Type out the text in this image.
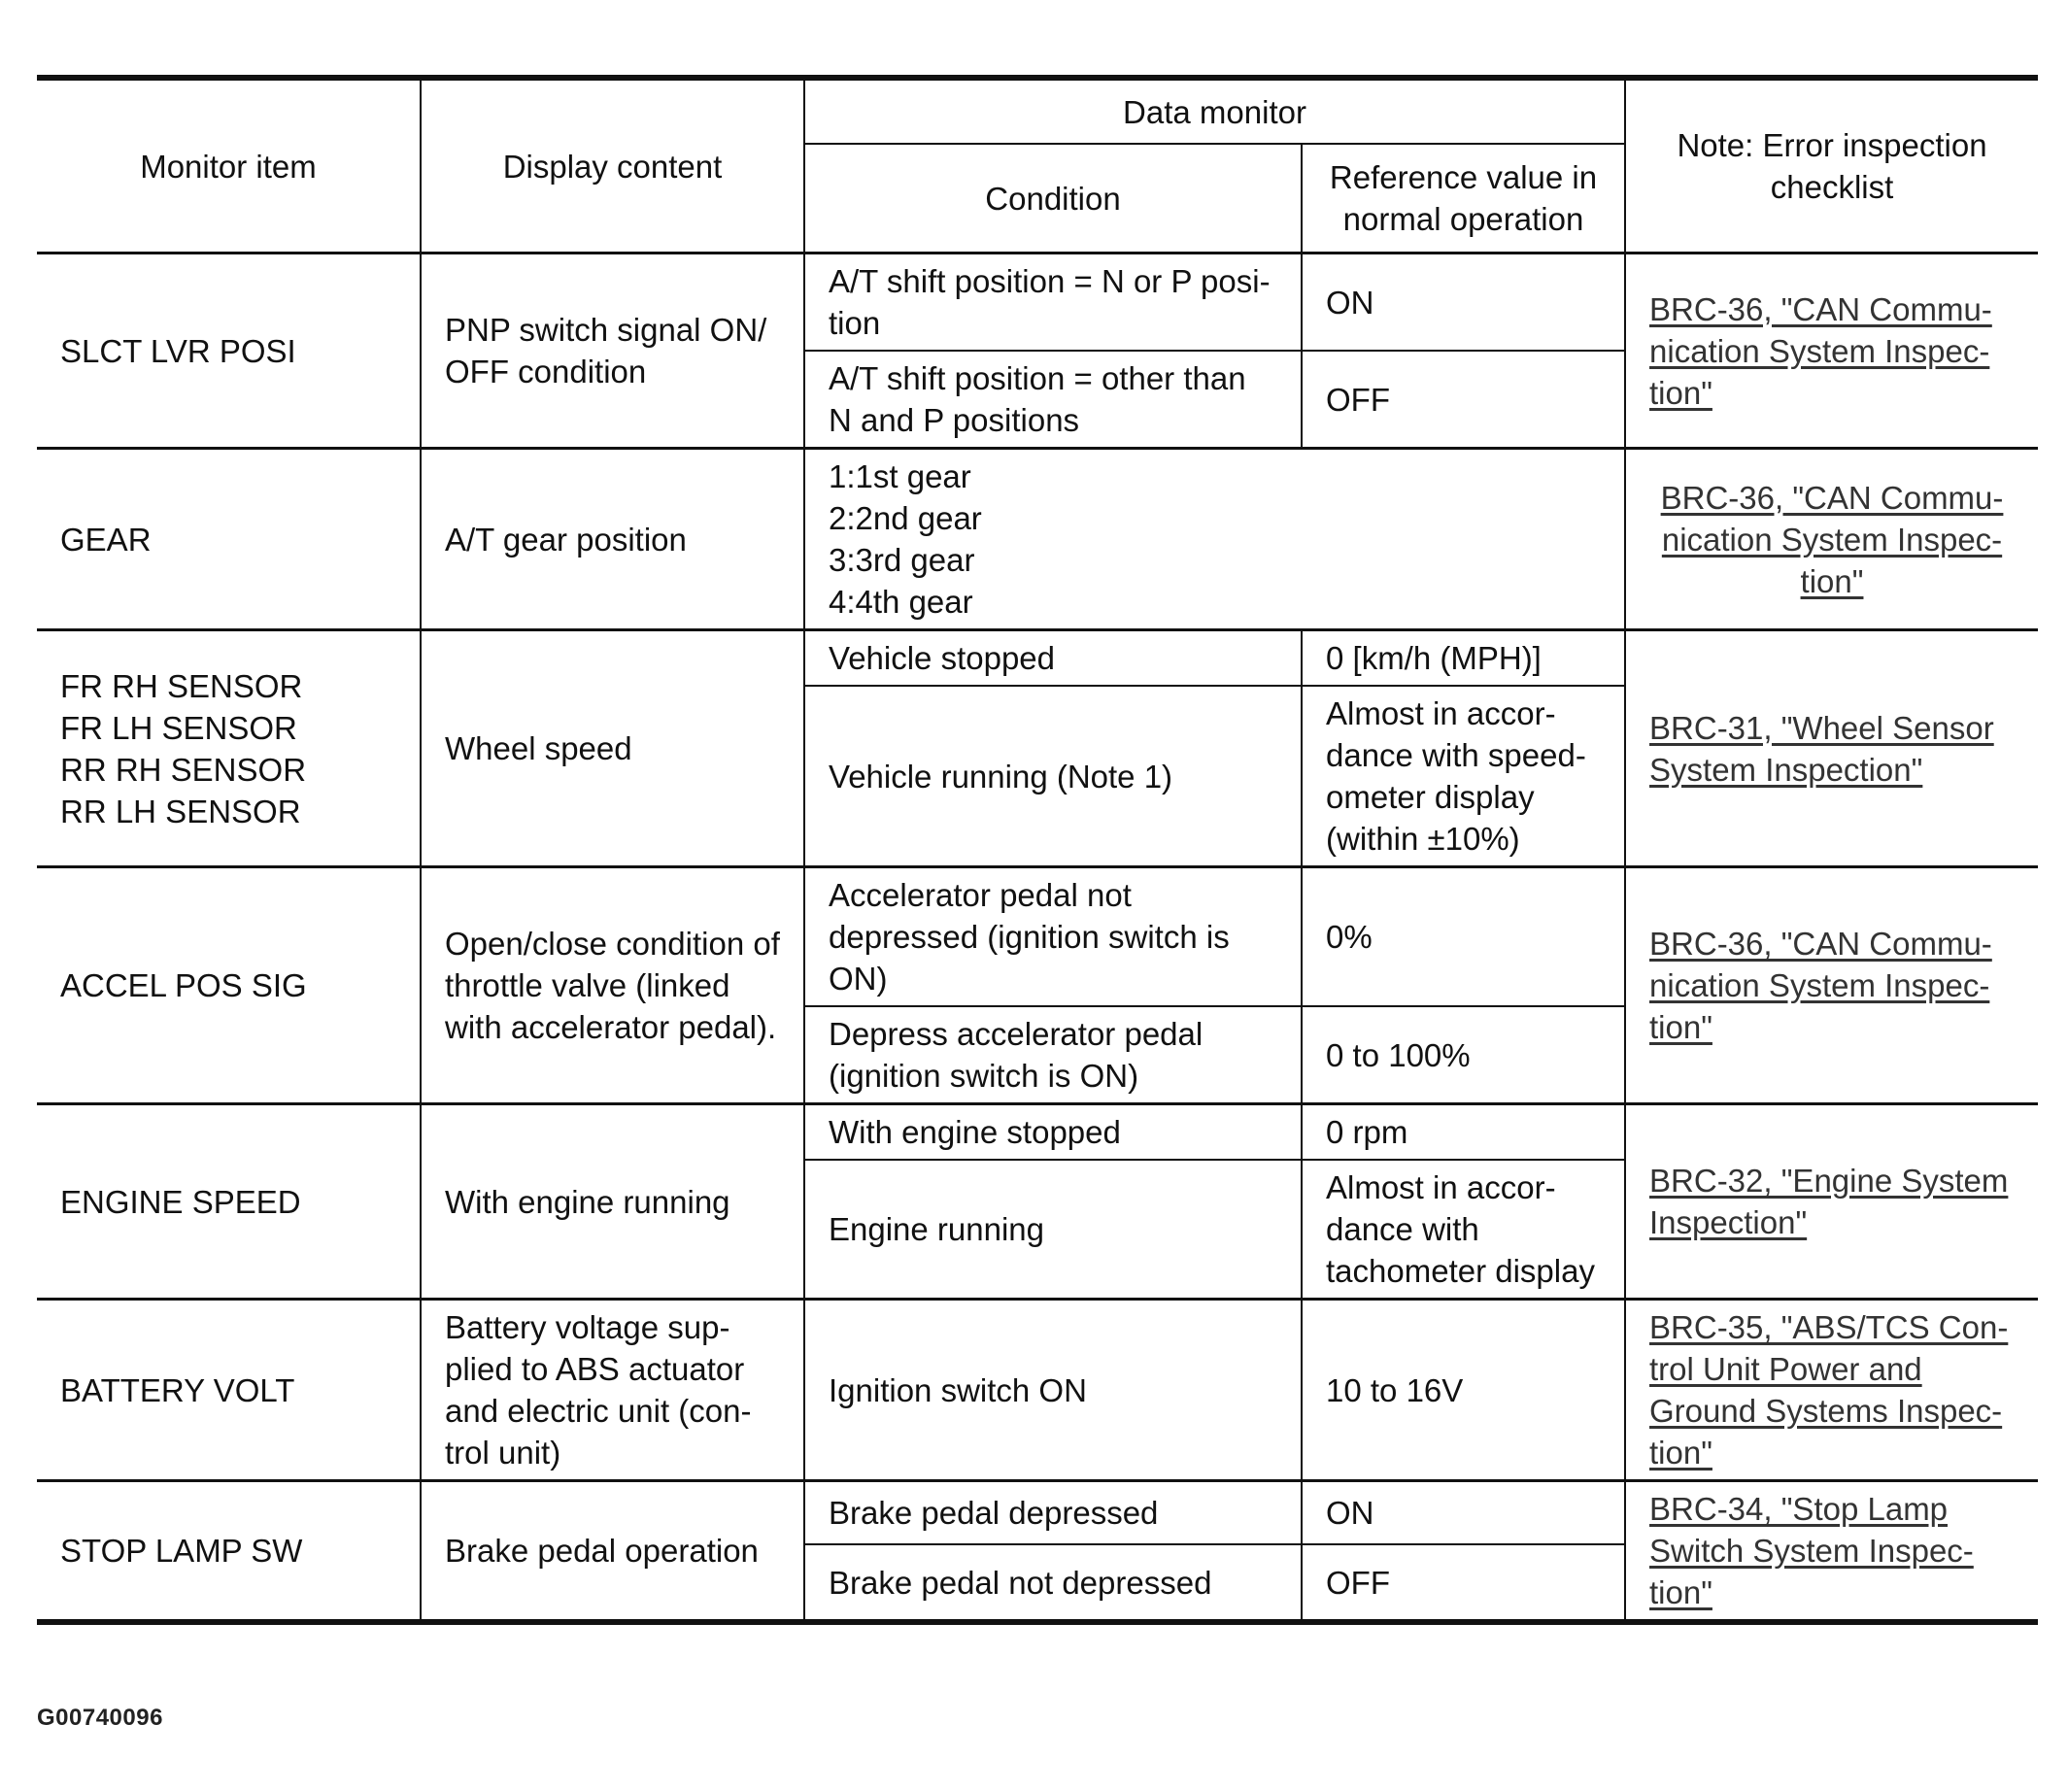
Monitor item	Display content	Data monitor		Note: Error inspection checklist
		Condition	Reference value in normal operation	
SLCT LVR POSI	PNP switch signal ON/ OFF condition	A/T shift position = N or P posi-tion	ON	BRC-36, "CAN Commu-nication System Inspec-tion"
		A/T shift position = other than N and P positions	OFF	
GEAR	A/T gear position	1:1st gear
2:2nd gear
3:3rd gear
4:4th gear		BRC-36, "CAN Commu-nication System Inspec-tion"

FR RH SENSOR
FR LH SENSOR
RR RH SENSOR
RR LH SENSOR	Wheel speed	Vehicle stopped	0 [km/h (MPH)]	BRC-31, "Wheel Sensor System Inspection"
		Vehicle running (Note 1)	Almost in accor-dance with speed-ometer display (within ±10%)	
ACCEL POS SIG	Open/close condition of throttle valve (linked with accelerator pedal).	Accelerator pedal not depressed (ignition switch is ON)	0%	BRC-36, "CAN Commu-nication System Inspec-tion"
		Depress accelerator pedal (ignition switch is ON)	0 to 100%	
ENGINE SPEED	With engine running	With engine stopped	0 rpm	BRC-32, "Engine System Inspection"
		Engine running	Almost in accor-dance with tachometer display	
BATTERY VOLT	Battery voltage sup-plied to ABS actuator and electric unit (con-trol unit)	Ignition switch ON	10 to 16V	BRC-35, "ABS/TCS Con-trol Unit Power and Ground Systems Inspec-tion"
STOP LAMP SW	Brake pedal operation	Brake pedal depressed	ON	BRC-34, "Stop Lamp Switch System Inspec-tion"
		Brake pedal not depressed	OFF	
G00740096
